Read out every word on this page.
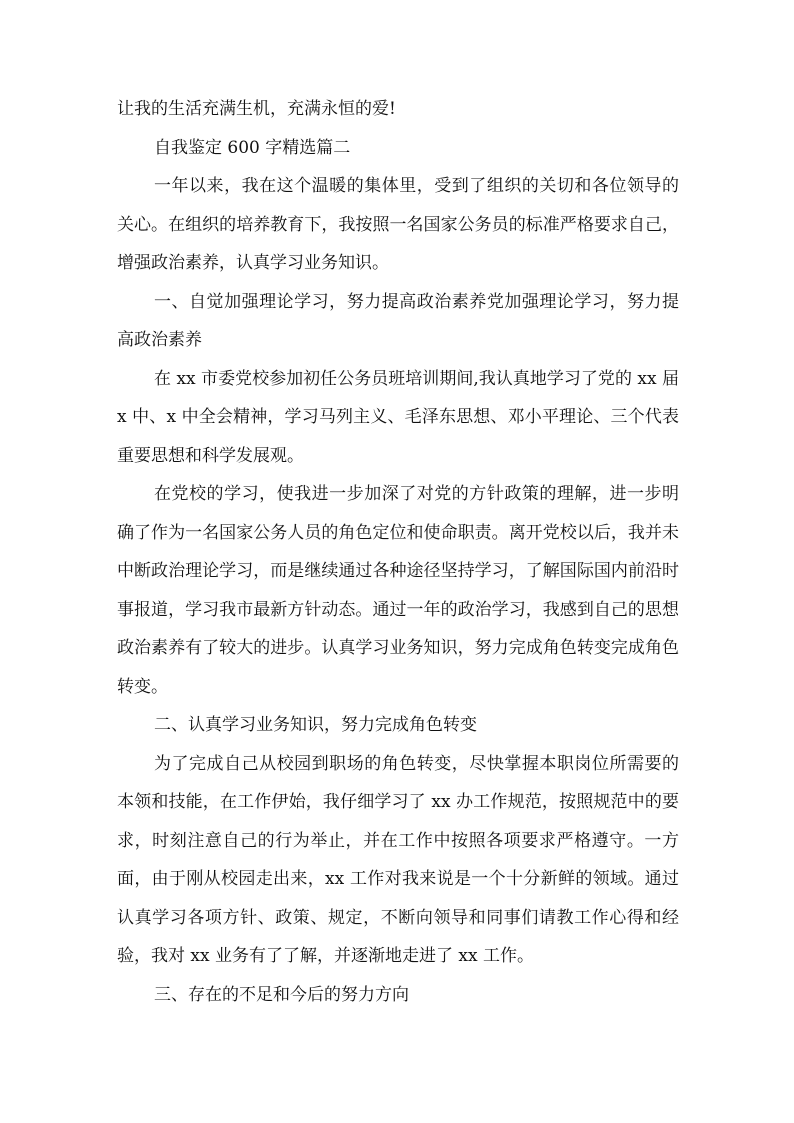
让我的生活充满生机，充满永恒的爱!

自我鉴定 600 字精选篇二

一年以来，我在这个温暖的集体里，受到了组织的关切和各位领导的关心。在组织的培养教育下，我按照一名国家公务员的标准严格要求自己，增强政治素养，认真学习业务知识。

一、自觉加强理论学习，努力提高政治素养党加强理论学习，努力提高政治素养

在 xx 市委党校参加初任公务员班培训期间,我认真地学习了党的 xx 届 x 中、x 中全会精神，学习马列主义、毛泽东思想、邓小平理论、三个代表重要思想和科学发展观。

在党校的学习，使我进一步加深了对党的方针政策的理解，进一步明确了作为一名国家公务人员的角色定位和使命职责。离开党校以后，我并未中断政治理论学习，而是继续通过各种途径坚持学习，了解国际国内前沿时事报道，学习我市最新方针动态。通过一年的政治学习，我感到自己的思想政治素养有了较大的进步。认真学习业务知识，努力完成角色转变完成角色转变。

二、认真学习业务知识，努力完成角色转变

为了完成自己从校园到职场的角色转变，尽快掌握本职岗位所需要的本领和技能，在工作伊始，我仔细学习了 xx 办工作规范，按照规范中的要求，时刻注意自己的行为举止，并在工作中按照各项要求严格遵守。一方面，由于刚从校园走出来，xx 工作对我来说是一个十分新鲜的领域。通过认真学习各项方针、政策、规定，不断向领导和同事们请教工作心得和经验，我对 xx 业务有了了解，并逐渐地走进了 xx 工作。

三、存在的不足和今后的努力方向
